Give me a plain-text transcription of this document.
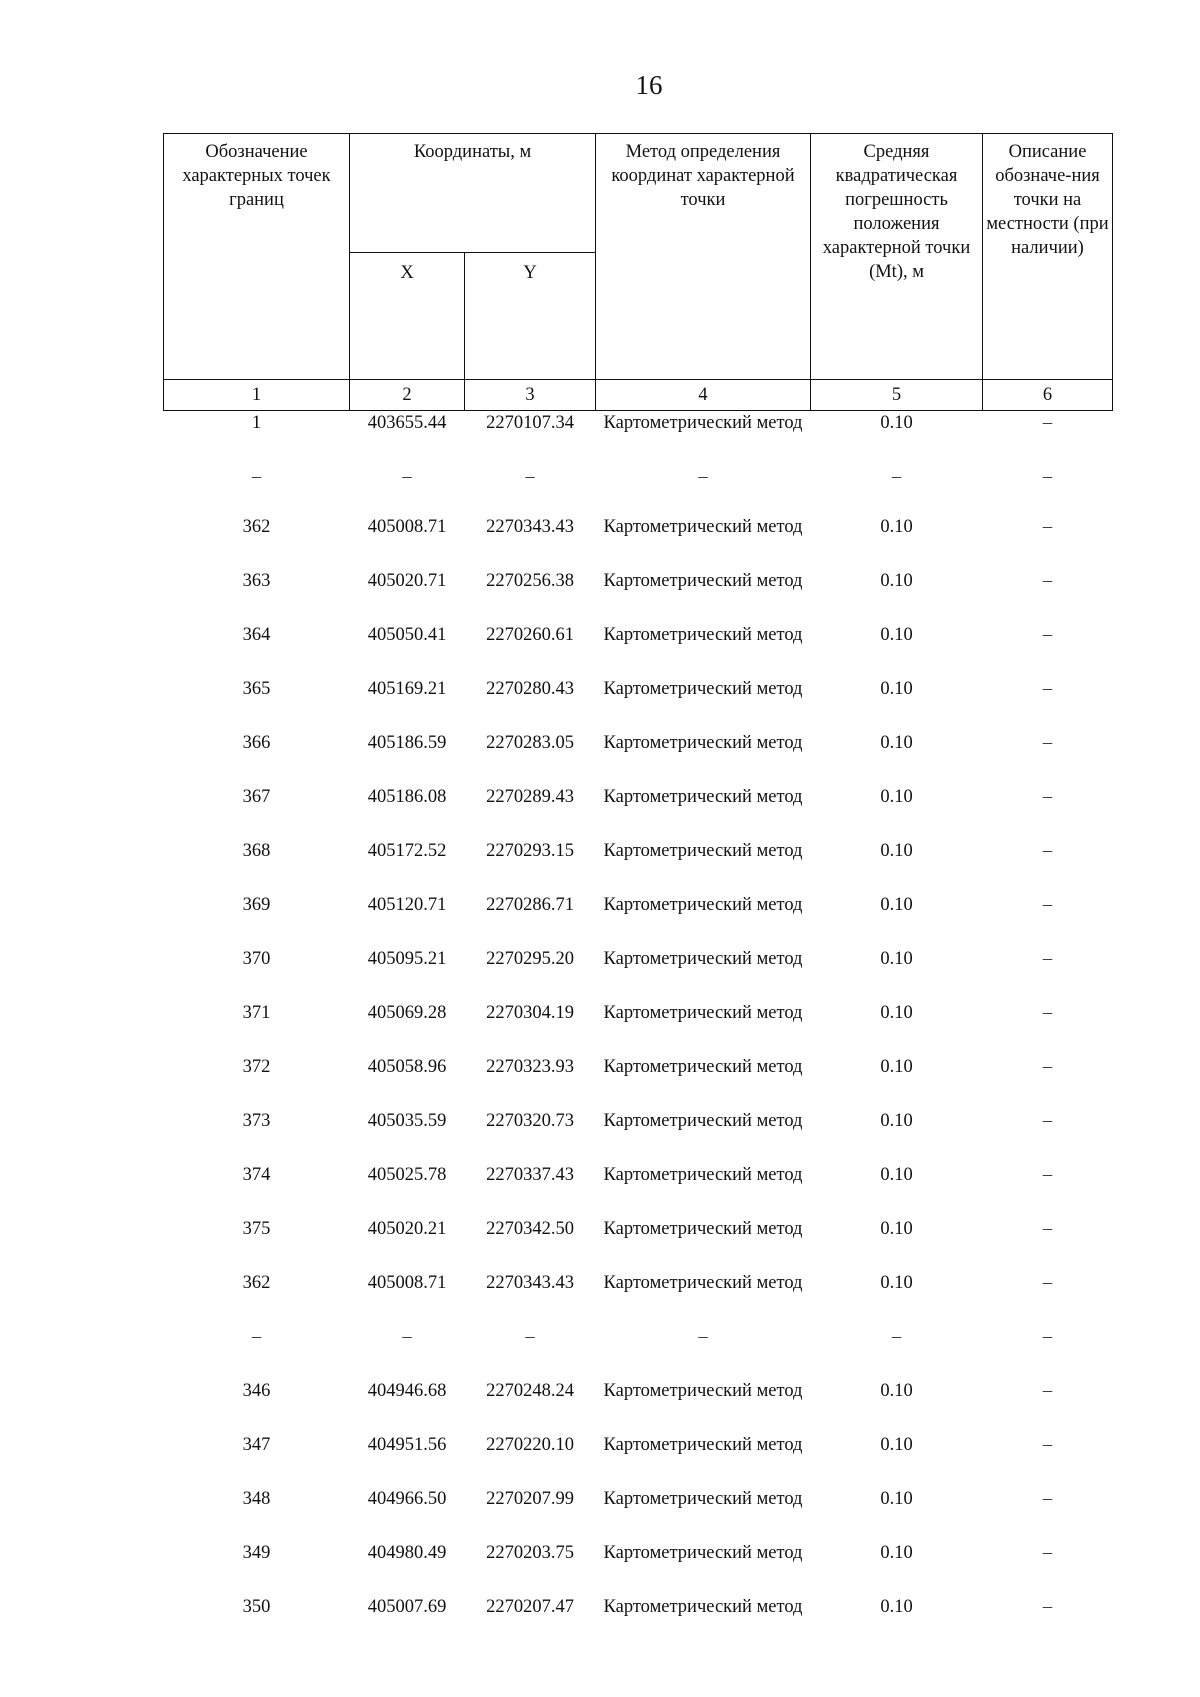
16
Обозначение характерных точек границ	Координаты, м		Метод определения координат характерной точки	Средняя квадратическая погрешность положения характерной точки (Mt), м	Описание обозначе-ния точки на местности (при наличии)
	X	Y			
1	2	3	4	5	6
1	403655.44	2270107.34	Картометрический метод	0.10	–
–	–	–	–	–	–
362	405008.71	2270343.43	Картометрический метод	0.10	–
363	405020.71	2270256.38	Картометрический метод	0.10	–
364	405050.41	2270260.61	Картометрический метод	0.10	–
365	405169.21	2270280.43	Картометрический метод	0.10	–
366	405186.59	2270283.05	Картометрический метод	0.10	–
367	405186.08	2270289.43	Картометрический метод	0.10	–
368	405172.52	2270293.15	Картометрический метод	0.10	–
369	405120.71	2270286.71	Картометрический метод	0.10	–
370	405095.21	2270295.20	Картометрический метод	0.10	–
371	405069.28	2270304.19	Картометрический метод	0.10	–
372	405058.96	2270323.93	Картометрический метод	0.10	–
373	405035.59	2270320.73	Картометрический метод	0.10	–
374	405025.78	2270337.43	Картометрический метод	0.10	–
375	405020.21	2270342.50	Картометрический метод	0.10	–
362	405008.71	2270343.43	Картометрический метод	0.10	–
–	–	–	–	–	–
346	404946.68	2270248.24	Картометрический метод	0.10	–
347	404951.56	2270220.10	Картометрический метод	0.10	–
348	404966.50	2270207.99	Картометрический метод	0.10	–
349	404980.49	2270203.75	Картометрический метод	0.10	–
350	405007.69	2270207.47	Картометрический метод	0.10	–
